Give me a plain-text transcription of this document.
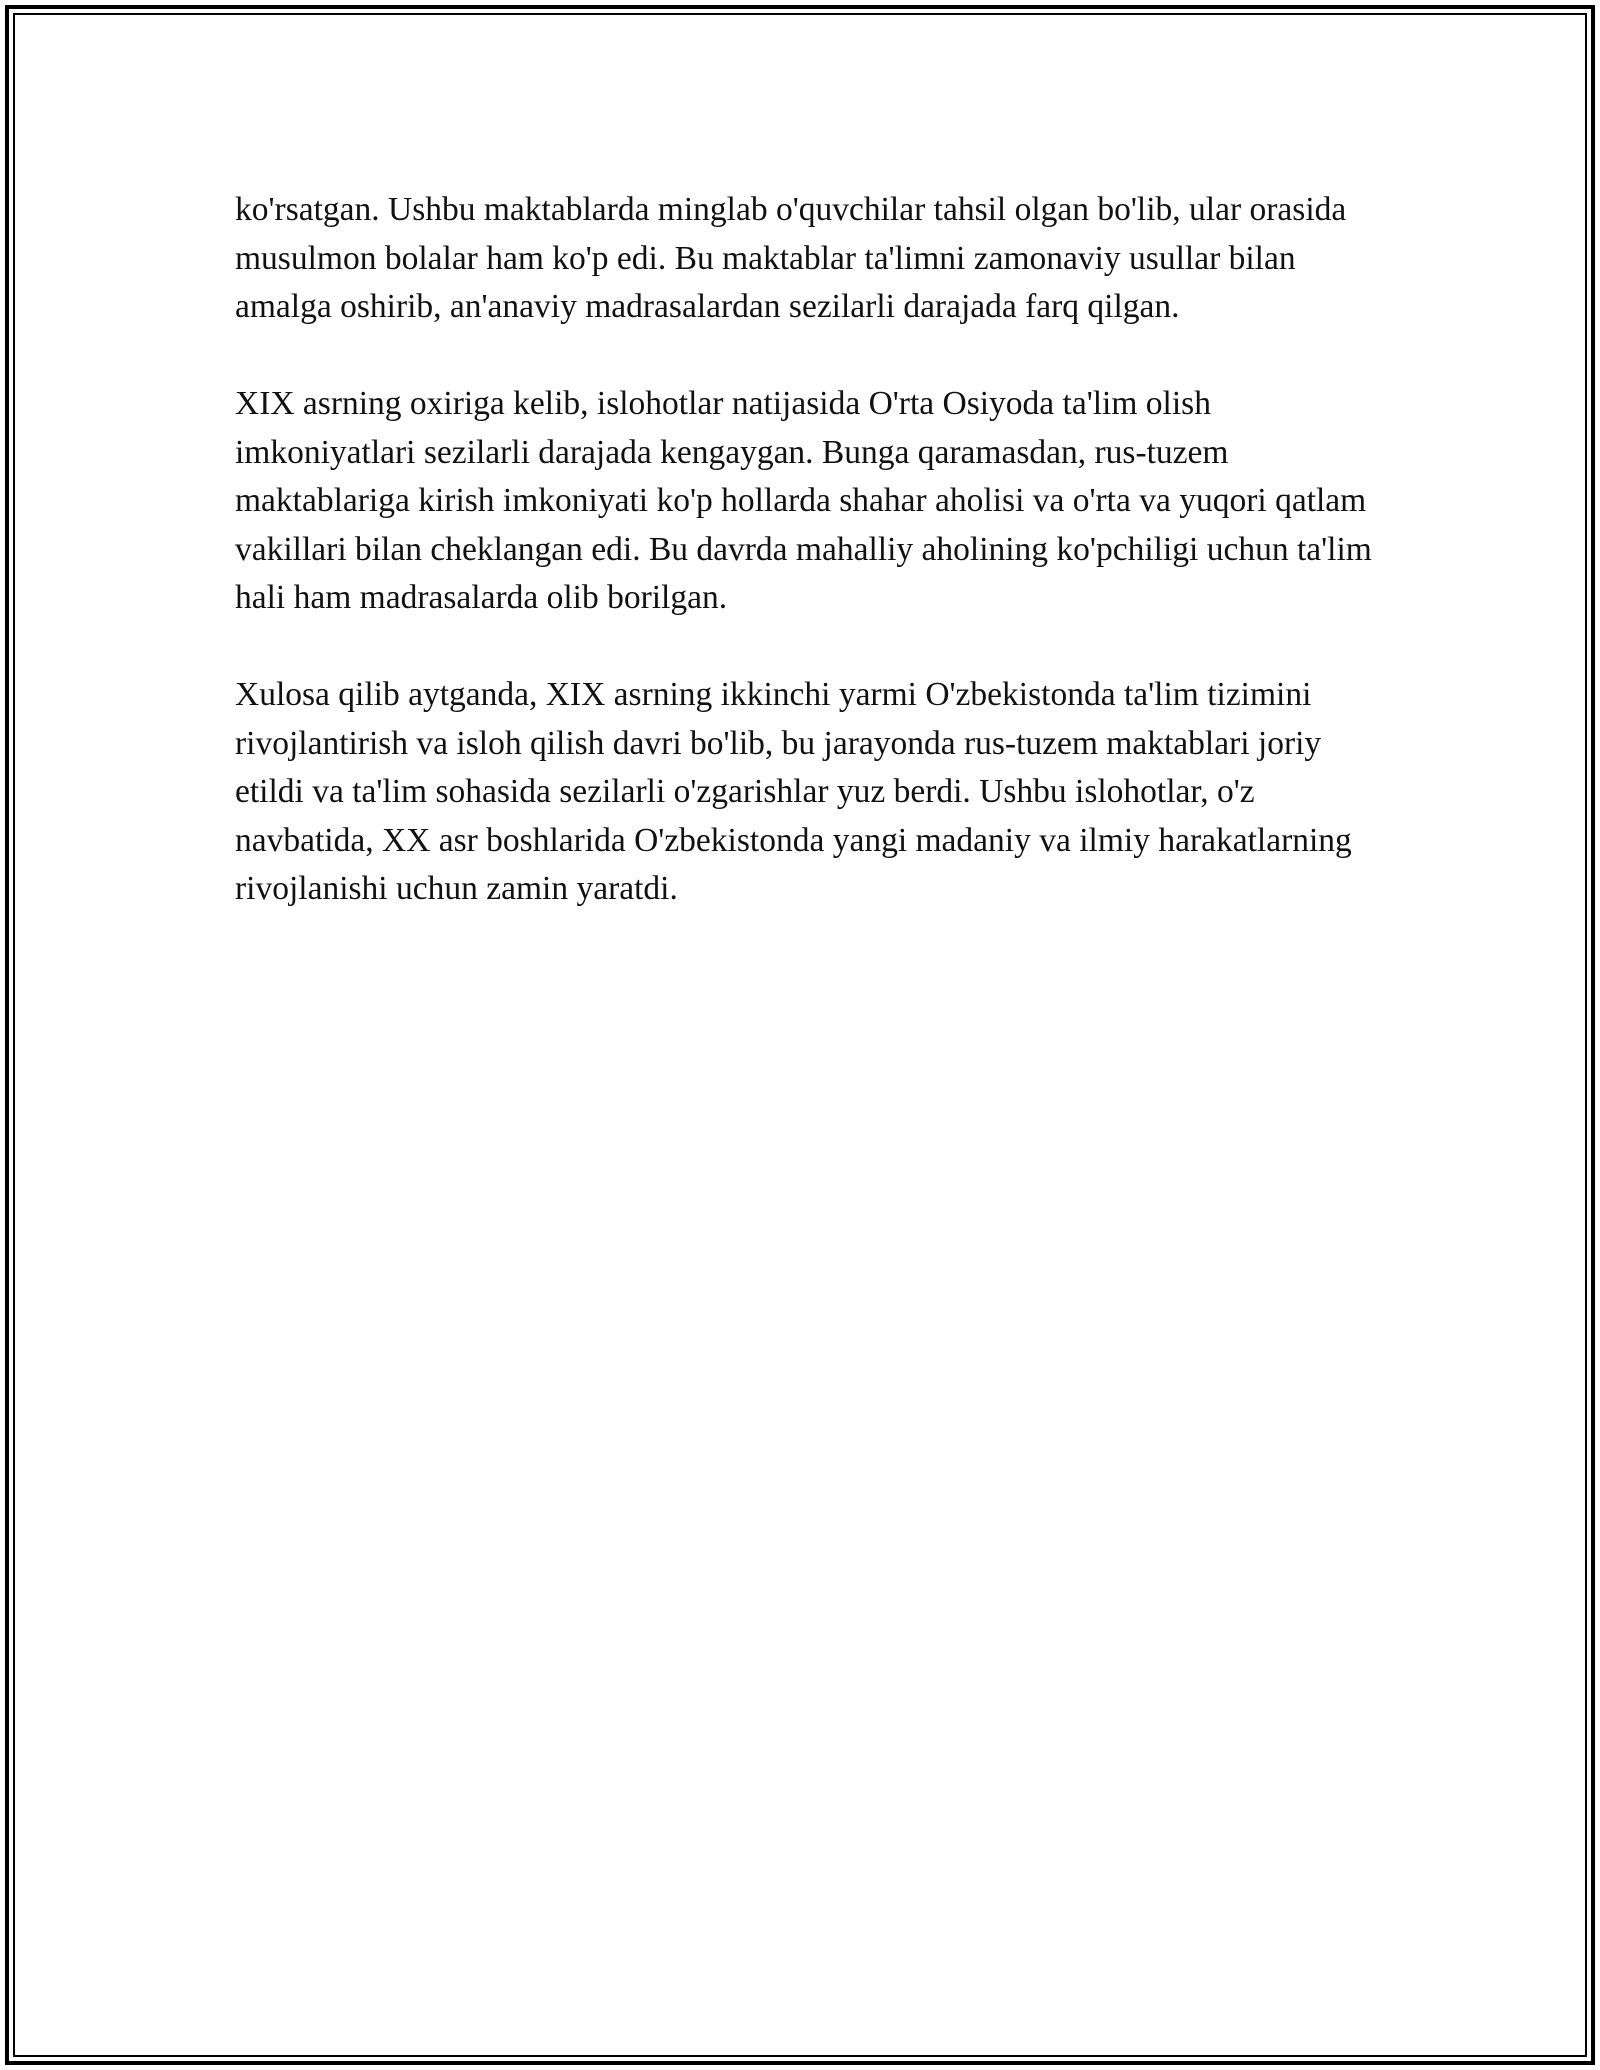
ko'rsatgan. Ushbu maktablarda minglab o'quvchilar tahsil olgan bo'lib, ular orasida musulmon bolalar ham ko'p edi. Bu maktablar ta'limni zamonaviy usullar bilan amalga oshirib, an'anaviy madrasalardan sezilarli darajada farq qilgan.

XIX asrning oxiriga kelib, islohotlar natijasida O'rta Osiyoda ta'lim olish imkoniyatlari sezilarli darajada kengaygan. Bunga qaramasdan, rus-tuzem maktablariga kirish imkoniyati ko'p hollarda shahar aholisi va o'rta va yuqori qatlam vakillari bilan cheklangan edi. Bu davrda mahalliy aholining ko'pchiligi uchun ta'lim hali ham madrasalarda olib borilgan.

Xulosa qilib aytganda, XIX asrning ikkinchi yarmi O'zbekistonda ta'lim tizimini rivojlantirish va isloh qilish davri bo'lib, bu jarayonda rus-tuzem maktablari joriy etildi va ta'lim sohasida sezilarli o'zgarishlar yuz berdi. Ushbu islohotlar, o'z navbatida, XX asr boshlarida O'zbekistonda yangi madaniy va ilmiy harakatlarning rivojlanishi uchun zamin yaratdi.
